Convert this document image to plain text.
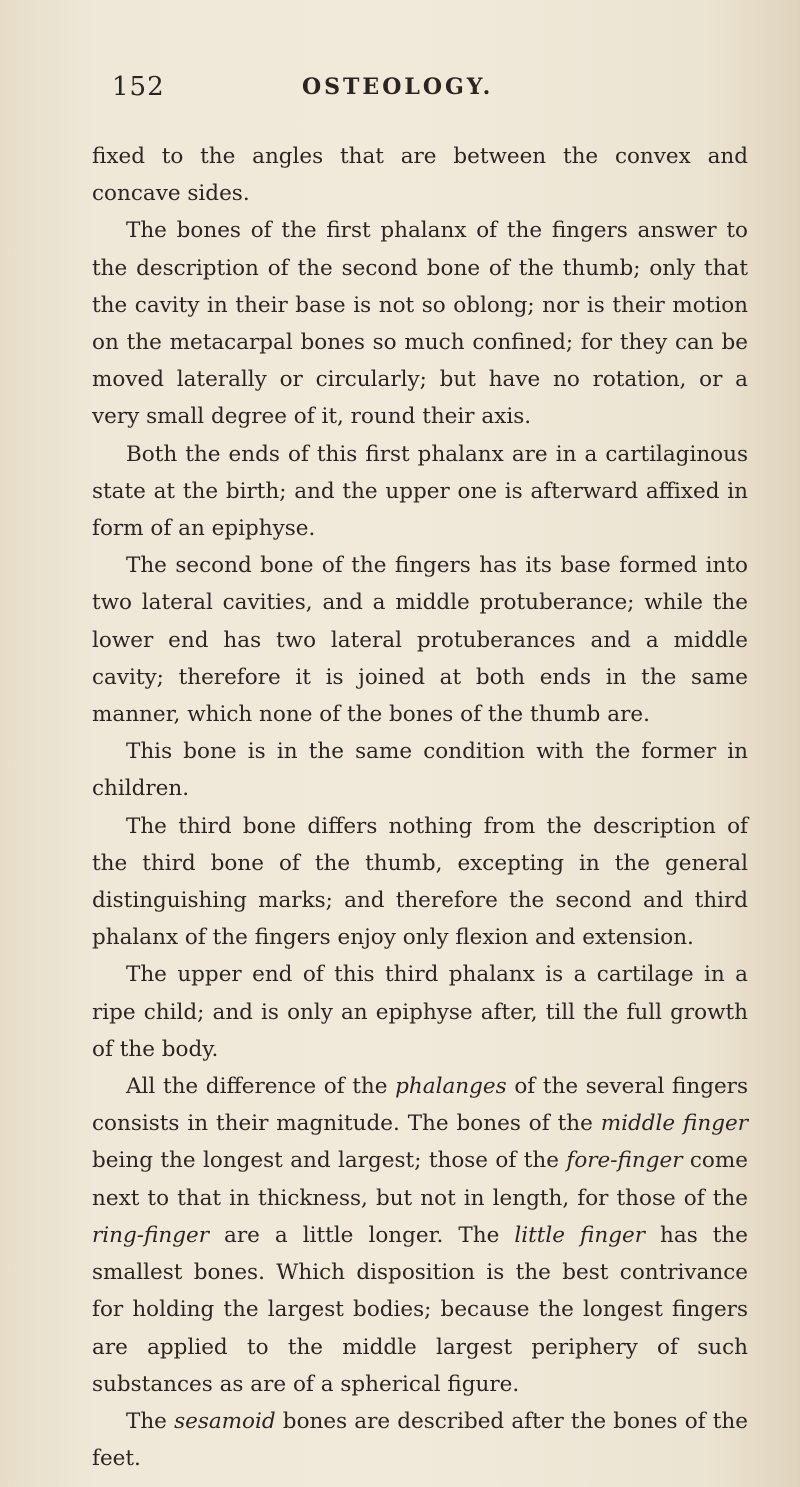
152	OSTEOLOGY.

fixed to the angles that are between the convex and concave sides.

The bones of the first phalanx of the fingers answer to the description of the second bone of the thumb; only that the cavity in their base is not so oblong; nor is their motion on the metacarpal bones so much confined; for they can be moved laterally or circularly; but have no rotation, or a very small degree of it, round their axis.

Both the ends of this first phalanx are in a cartilaginous state at the birth; and the upper one is afterward affixed in form of an epiphyse.

The second bone of the fingers has its base formed into two lateral cavities, and a middle protuberance; while the lower end has two lateral protuberances and a middle cavity; therefore it is joined at both ends in the same manner, which none of the bones of the thumb are.

This bone is in the same condition with the former in children.

The third bone differs nothing from the description of the third bone of the thumb, excepting in the general distinguishing marks; and therefore the second and third phalanx of the fingers enjoy only flexion and extension.

The upper end of this third phalanx is a cartilage in a ripe child; and is only an epiphyse after, till the full growth of the body.

All the difference of the phalanges of the several fingers consists in their magnitude. The bones of the middle finger being the longest and largest; those of the fore-finger come next to that in thickness, but not in length, for those of the ring-finger are a little longer. The little finger has the smallest bones. Which disposition is the best contrivance for holding the largest bodies; because the longest fingers are applied to the middle largest periphery of such substances as are of a spherical figure.

The sesamoid bones are described after the bones of the feet.
